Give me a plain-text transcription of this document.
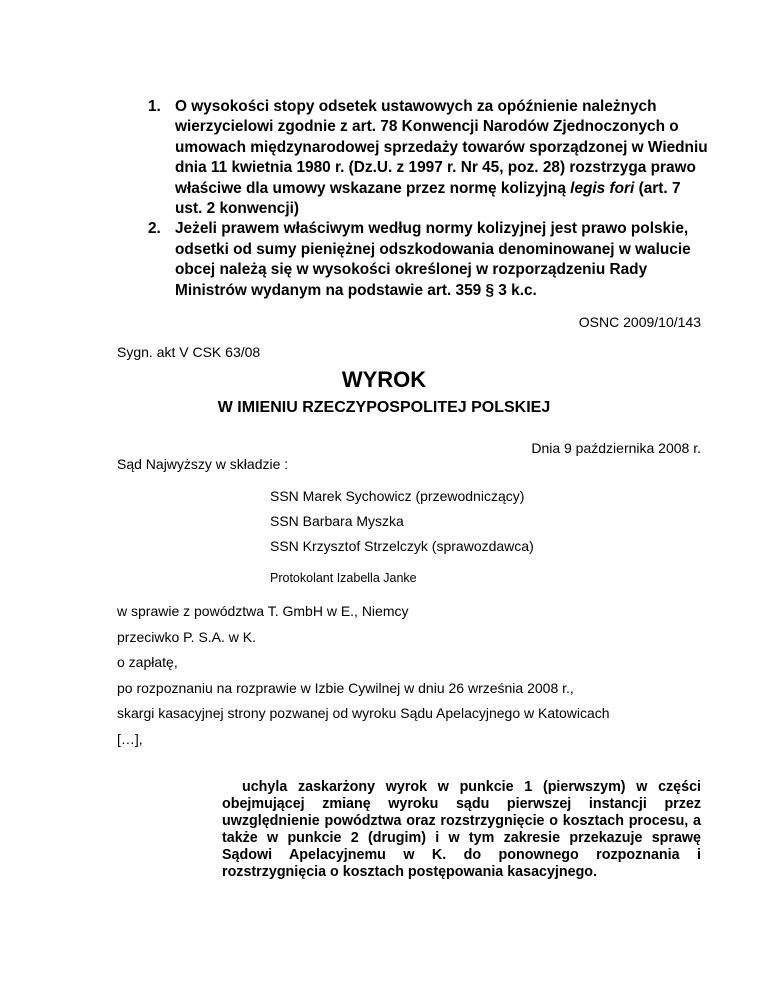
1. O wysokości stopy odsetek ustawowych za opóźnienie należnych wierzycielowi zgodnie z art. 78 Konwencji Narodów Zjednoczonych o umowach międzynarodowej sprzedaży towarów sporządzonej w Wiedniu dnia 11 kwietnia 1980 r. (Dz.U. z 1997 r. Nr 45, poz. 28) rozstrzyga prawo właściwe dla umowy wskazane przez normę kolizyjną legis fori (art. 7 ust. 2 konwencji)
2. Jeżeli prawem właściwym według normy kolizyjnej jest prawo polskie, odsetki od sumy pieniężnej odszkodowania denominowanej w walucie obcej należą się w wysokości określonej w rozporządzeniu Rady Ministrów wydanym na podstawie art. 359 § 3 k.c.
OSNC 2009/10/143
Sygn. akt V CSK 63/08
WYROK
W IMIENIU RZECZYPOSPOLITEJ POLSKIEJ
Dnia 9 października 2008 r.
Sąd Najwyższy w składzie :
SSN Marek Sychowicz (przewodniczący)
SSN Barbara Myszka
SSN Krzysztof Strzelczyk (sprawozdawca)
Protokolant Izabella Janke
w sprawie z powództwa T. GmbH w E., Niemcy
przeciwko P. S.A. w K.
o zapłatę,
po rozpoznaniu na rozprawie w Izbie Cywilnej w dniu 26 września 2008 r.,
skargi kasacyjnej strony pozwanej od wyroku Sądu Apelacyjnego w Katowicach
[…],

uchyla zaskarżony wyrok w punkcie 1 (pierwszym) w części obejmującej zmianę wyroku sądu pierwszej instancji przez uwzględnienie powództwa oraz rozstrzygnięcie o kosztach procesu, a także w punkcie 2 (drugim) i w tym zakresie przekazuje sprawę Sądowi Apelacyjnemu w K. do ponownego rozpoznania i rozstrzygnięcia o kosztach postępowania kasacyjnego.
